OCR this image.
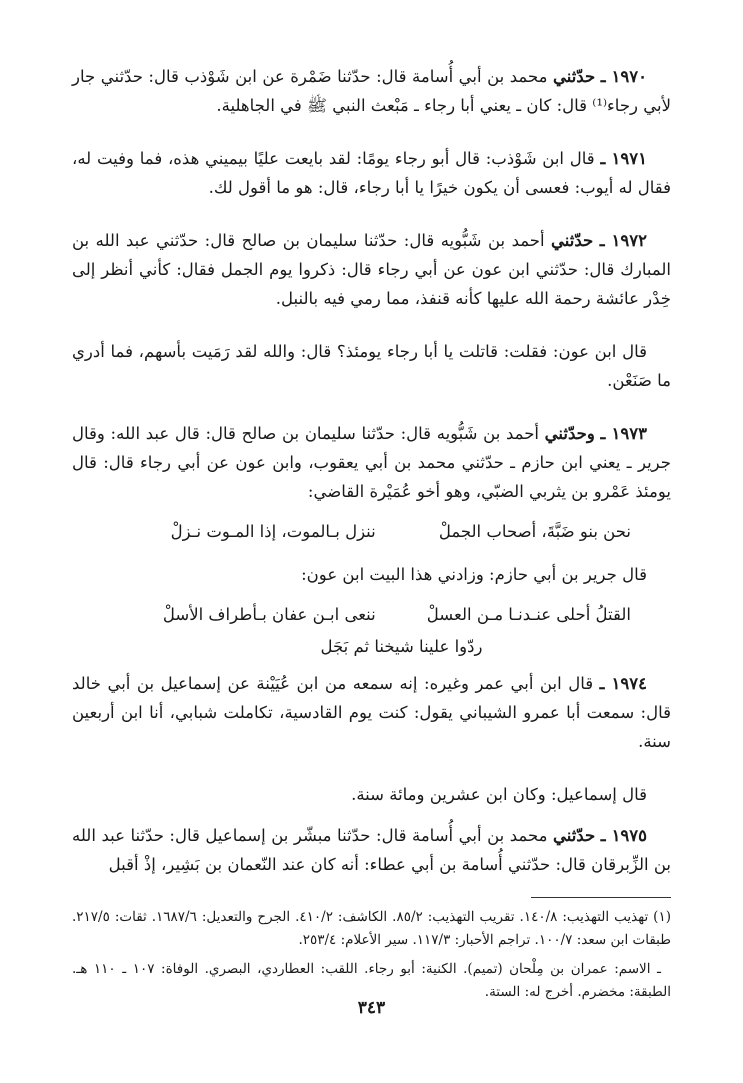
١٩٧٠ ـ حدّثني محمد بن أبي أُسامة قال: حدّثنا ضَمْرة عن ابن شَوْذب قال: حدّثني جار لأبي رجاء⁽¹⁾ قال: كان ـ يعني أبا رجاء ـ مَبْعث النبي ﷺ في الجاهلية.

١٩٧١ ـ قال ابن شَوْذب: قال أبو رجاء يومًا: لقد بايعت عليًا بيميني هذه، فما وفيت له، فقال له أيوب: فعسى أن يكون خيرًا يا أبا رجاء، قال: هو ما أقول لك.

١٩٧٢ ـ حدّثني أحمد بن شَبُّويه قال: حدّثنا سليمان بن صالح قال: حدّثني عبد الله بن المبارك قال: حدّثني ابن عون عن أبي رجاء قال: ذكروا يوم الجمل فقال: كأني أنظر إلى خِدْر عائشة رحمة الله عليها كأنه قنفذ، مما رمي فيه بالنبل.

قال ابن عون: فقلت: قاتلت يا أبا رجاء يومئذ؟ قال: والله لقد رَمَيت بأسهم، فما أدري ما صَنَعْن.

١٩٧٣ ـ وحدّثني أحمد بن شَبُّويه قال: حدّثنا سليمان بن صالح قال: قال عبد الله: وقال جرير ـ يعني ابن حازم ـ حدّثني محمد بن أبي يعقوب، وابن عون عن أبي رجاء قال: قال يومئذ عَمْرو بن يثربي الضبّي، وهو أخو عُمَيْرة القاضي:

نحن بنو ضَبَّةَ، أصحاب الجملْ ننزل بـالموت، إذا المـوت نـزلْ

قال جرير بن أبي حازم: وزادني هذا البيت ابن عون:

القتلُ أحلى عنـدنـا مـن العسلْ ننعى ابـن عفان بـأطراف الأسلْ
ردّوا علينا شيخنا ثم بَجَل

١٩٧٤ ـ قال ابن أبي عمر وغيره: إنه سمعه من ابن عُيَيْنة عن إسماعيل بن أبي خالد قال: سمعت أبا عمرو الشيباني يقول: كنت يوم القادسية، تكاملت شبابي، أنا ابن أربعين سنة.

قال إسماعيل: وكان ابن عشرين ومائة سنة.

١٩٧٥ ـ حدّثني محمد بن أبي أُسامة قال: حدّثنا مبشّر بن إسماعيل قال: حدّثنا عبد الله بن الزِّبرقان قال: حدّثني أُسامة بن أبي عطاء: أنه كان عند النّعمان بن بَشِير، إذْ أقبل

(١) تهذيب التهذيب: ١٤٠/٨. تقريب التهذيب: ٨٥/٢. الكاشف: ٤١٠/٢. الجرح والتعديل: ١٦٨٧/٦. ثقات: ٢١٧/٥. طبقات ابن سعد: ١٠٠/٧. تراجم الأحبار: ١١٧/٣. سير الأعلام: ٢٥٣/٤.

ـ الاسم: عمران بن مِلْحان (تميم). الكنية: أبو رجاء. اللقب: العطاردي، البصري. الوفاة: ١٠٧ ـ ١١٠ هـ. الطبقة: مخضرم. أخرج له: الستة.

٣٤٣
